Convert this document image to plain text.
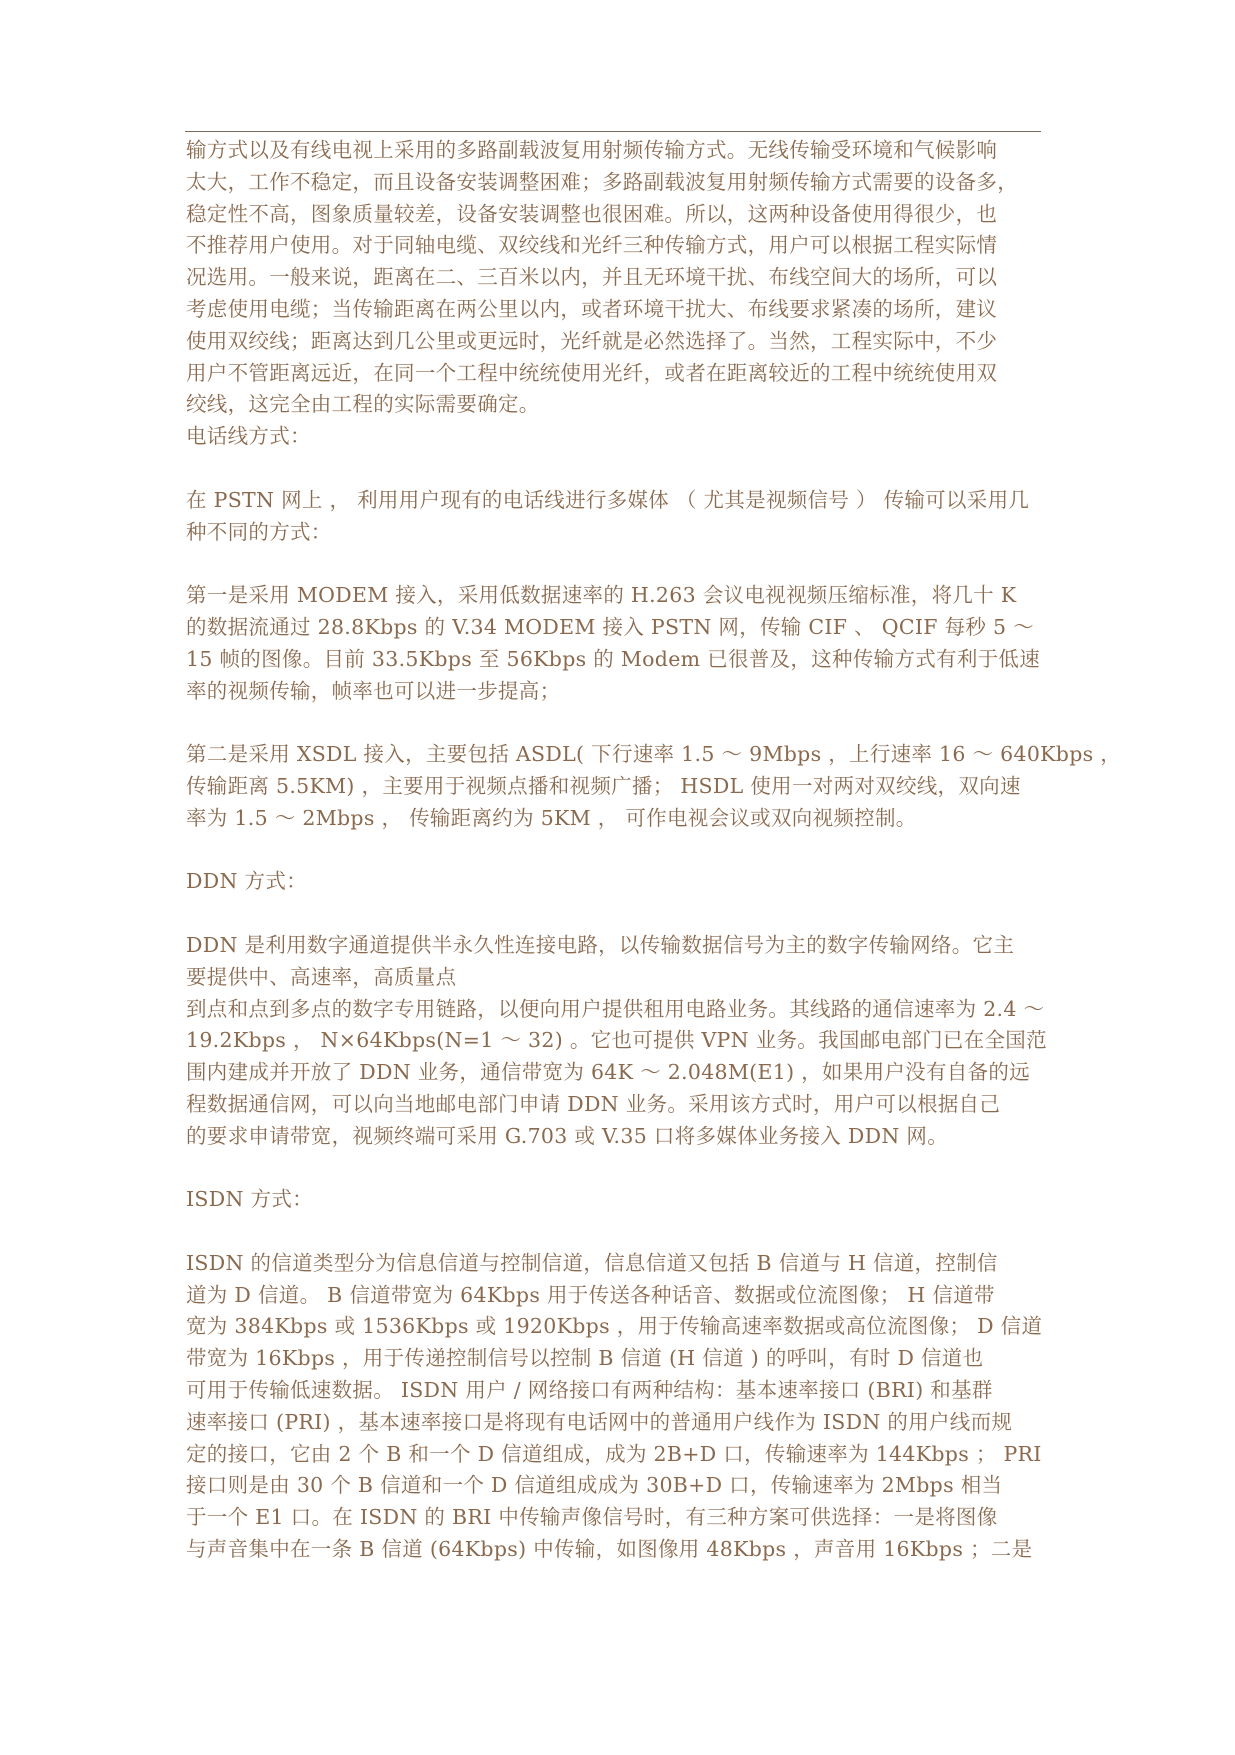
输方式以及有线电视上采用的多路副载波复用射频传输方式。无线传输受环境和气候影响
太大，工作不稳定，而且设备安装调整困难；多路副载波复用射频传输方式需要的设备多，
稳定性不高，图象质量较差，设备安装调整也很困难。所以，这两种设备使用得很少，也
不推荐用户使用。对于同轴电缆、双绞线和光纤三种传输方式，用户可以根据工程实际情
况选用。一般来说，距离在二、三百米以内，并且无环境干扰、布线空间大的场所，可以
考虑使用电缆；当传输距离在两公里以内，或者环境干扰大、布线要求紧凑的场所，建议
使用双绞线；距离达到几公里或更远时，光纤就是必然选择了。当然，工程实际中，不少
用户不管距离远近，在同一个工程中统统使用光纤，或者在距离较近的工程中统统使用双
绞线，这完全由工程的实际需要确定。
电话线方式：
在 PSTN 网上 ， 利用用户现有的电话线进行多媒体 （ 尤其是视频信号 ） 传输可以采用几
种不同的方式：
第一是采用 MODEM 接入，采用低数据速率的 H.263 会议电视视频压缩标准，将几十 K
的数据流通过 28.8Kbps 的 V.34 MODEM 接入 PSTN 网，传输 CIF 、 QCIF 每秒 5 ～
15 帧的图像。目前 33.5Kbps 至 56Kbps 的 Modem 已很普及，这种传输方式有利于低速
率的视频传输，帧率也可以进一步提高；
第二是采用 XSDL 接入，主要包括 ASDL( 下行速率 1.5 ～ 9Mbps ，上行速率 16 ～ 640Kbps ，
传输距离 5.5KM) ，主要用于视频点播和视频广播； HSDL 使用一对两对双绞线，双向速
率为 1.5 ～ 2Mbps ， 传输距离约为 5KM ， 可作电视会议或双向视频控制。
DDN 方式：
DDN 是利用数字通道提供半永久性连接电路，以传输数据信号为主的数字传输网络。它主
要提供中、高速率，高质量点
到点和点到多点的数字专用链路，以便向用户提供租用电路业务。其线路的通信速率为 2.4 ～
19.2Kbps ， N×64Kbps(N=1 ～ 32) 。它也可提供 VPN 业务。我国邮电部门已在全国范
围内建成并开放了 DDN 业务，通信带宽为 64K ～ 2.048M(E1) ，如果用户没有自备的远
程数据通信网，可以向当地邮电部门申请 DDN 业务。采用该方式时，用户可以根据自己
的要求申请带宽，视频终端可采用 G.703 或 V.35 口将多媒体业务接入 DDN 网。
ISDN 方式：
ISDN 的信道类型分为信息信道与控制信道，信息信道又包括 B 信道与 H 信道，控制信
道为 D 信道。 B 信道带宽为 64Kbps 用于传送各种话音、数据或位流图像； H 信道带
宽为 384Kbps 或 1536Kbps 或 1920Kbps ，用于传输高速率数据或高位流图像； D 信道
带宽为 16Kbps ，用于传递控制信号以控制 B 信道 (H 信道 ) 的呼叫，有时 D 信道也
可用于传输低速数据。 ISDN 用户 / 网络接口有两种结构：基本速率接口 (BRI) 和基群
速率接口 (PRI) ，基本速率接口是将现有电话网中的普通用户线作为 ISDN 的用户线而规
定的接口，它由 2 个 B 和一个 D 信道组成，成为 2B+D 口，传输速率为 144Kbps ； PRI
接口则是由 30 个 B 信道和一个 D 信道组成成为 30B+D 口，传输速率为 2Mbps 相当
于一个 E1 口。在 ISDN 的 BRI 中传输声像信号时，有三种方案可供选择：一是将图像
与声音集中在一条 B 信道 (64Kbps) 中传输，如图像用 48Kbps ，声音用 16Kbps ；二是
